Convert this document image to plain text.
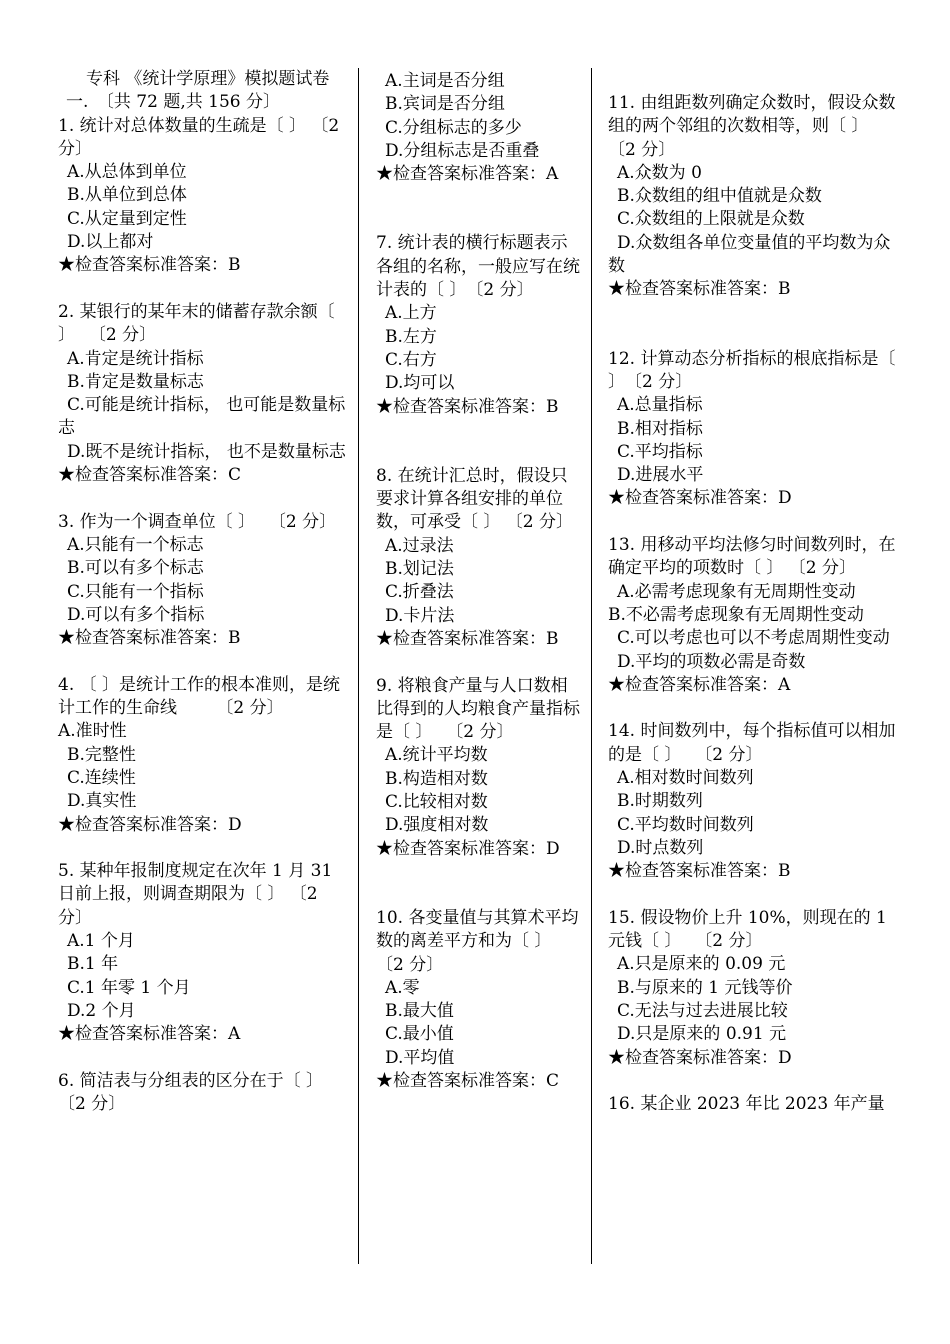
专科 《统计学原理》模拟题试卷
一.　〔共 72 题,共 156 分〕
1. 统计对总体数量的生疏是〔 〕 〔2 分〕
A.从总体到单位
B.从单位到总体
C.从定量到定性
D.以上都对
★检查答案标准答案：B
2. 某银行的某年末的储蓄存款余额〔 〕　 〔2 分〕
A.肯定是统计指标
B.肯定是数量标志
C.可能是统计指标， 也可能是数量标志
D.既不是统计指标， 也不是数量标志
★检查答案标准答案：C
3. 作为一个调查单位〔 〕　 〔2 分〕
A.只能有一个标志
B.可以有多个标志
C.只能有一个指标
D.可以有多个指标
★检查答案标准答案：B
4. 〔 〕是统计工作的根本准则，是统计工作的生命线　　 〔2 分〕
A.准时性
B.完整性
C.连续性
D.真实性
★检查答案标准答案：D
5. 某种年报制度规定在次年 1 月 31 日前上报，则调查期限为〔 〕 〔2 分〕
A.1 个月
B.1 年
C.1 年零 1 个月
D.2 个月
★检查答案标准答案：A
6. 简洁表与分组表的区分在于〔 〕 〔2 分〕
A.主词是否分组
B.宾词是否分组
C.分组标志的多少
D.分组标志是否重叠
★检查答案标准答案：A
7. 统计表的横行标题表示各组的名称，一般应写在统计表的〔 〕　〔2 分〕
A.上方
B.左方
C.右方
D.均可以
★检查答案标准答案：B
8. 在统计汇总时，假设只要求计算各组安排的单位数，可承受〔 〕 〔2 分〕
A.过录法
B.划记法
C.折叠法
D.卡片法
★检查答案标准答案：B
9. 将粮食产量与人口数相比得到的人均粮食产量指标是〔 〕　 〔2 分〕
A.统计平均数
B.构造相对数
C.比较相对数
D.强度相对数
★检查答案标准答案：D
10. 各变量值与其算术平均数的离差平方和为〔 〕　 〔2 分〕
A.零
B.最大值
C.最小值
D.平均值
★检查答案标准答案：C
11. 由组距数列确定众数时，假设众数组的两个邻组的次数相等，则〔 〕　 〔2 分〕
A.众数为 0
B.众数组的组中值就是众数
C.众数组的上限就是众数
D.众数组各单位变量值的平均数为众数
★检查答案标准答案：B
12. 计算动态分析指标的根底指标是〔 〕　〔2 分〕
A.总量指标
B.相对指标
C.平均指标
D.进展水平
★检查答案标准答案：D
13. 用移动平均法修匀时间数列时，在确定平均的项数时〔 〕 〔2 分〕
A.必需考虑现象有无周期性变动
B.不必需考虑现象有无周期性变动
C.可以考虑也可以不考虑周期性变动
D.平均的项数必需是奇数
★检查答案标准答案：A
14. 时间数列中，每个指标值可以相加的是〔 〕　 〔2 分〕
A.相对数时间数列
B.时期数列
C.平均数时间数列
D.时点数列
★检查答案标准答案：B
15. 假设物价上升 10%，则现在的 1 元钱〔 〕　 〔2 分〕
A.只是原来的 0.09 元
B.与原来的 1 元钱等价
C.无法与过去进展比较
D.只是原来的 0.91 元
★检查答案标准答案：D
16. 某企业 2023 年比 2023 年产量
